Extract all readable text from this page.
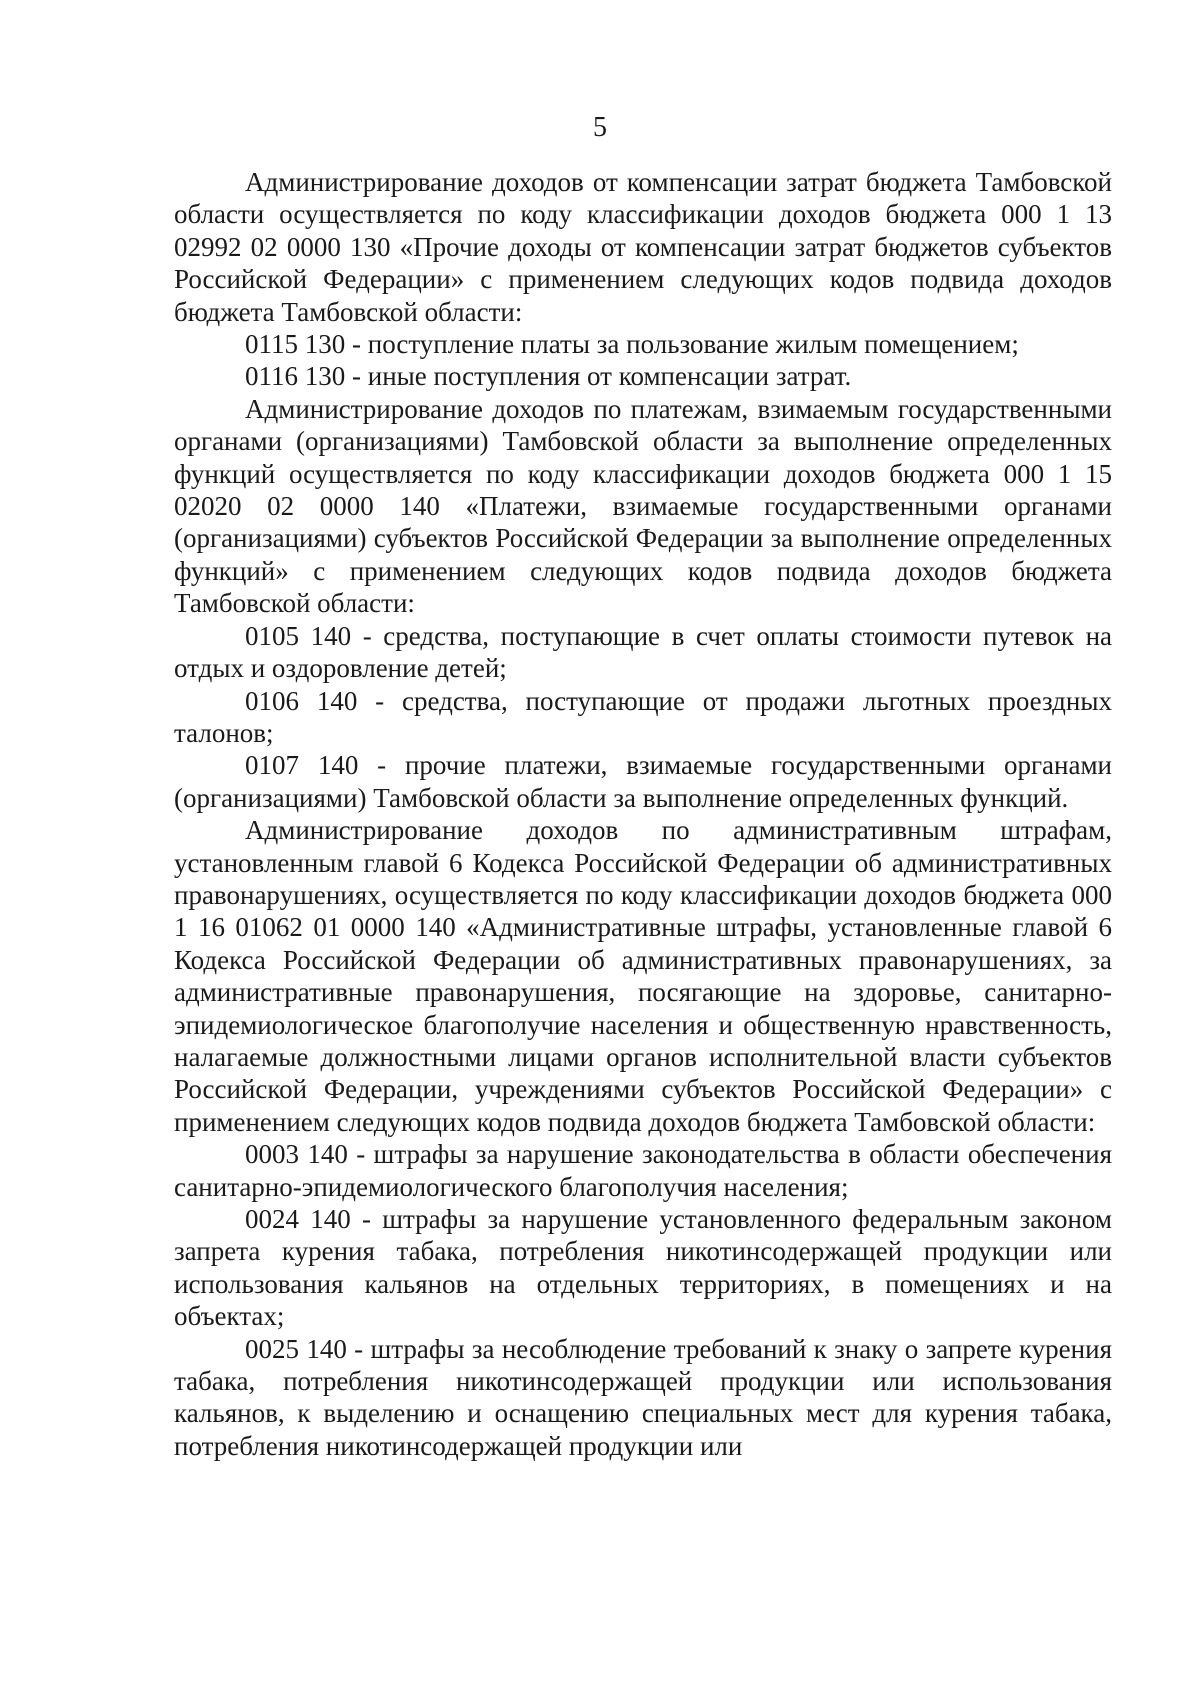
5

Администрирование доходов от компенсации затрат бюджета Тамбовской области осуществляется по коду классификации доходов бюджета 000 1 13 02992 02 0000 130 «Прочие доходы от компенсации затрат бюджетов субъектов Российской Федерации» с применением следующих кодов подвида доходов бюджета Тамбовской области:

0115 130 - поступление платы за пользование жилым помещением;

0116 130 - иные поступления от компенсации затрат.

Администрирование доходов по платежам, взимаемым государственными органами (организациями) Тамбовской области за выполнение определенных функций осуществляется по коду классификации доходов бюджета 000 1 15 02020 02 0000 140 «Платежи, взимаемые государственными органами (организациями) субъектов Российской Федерации за выполнение определенных функций» с применением следующих кодов подвида доходов бюджета Тамбовской области:

0105 140 - средства, поступающие в счет оплаты стоимости путевок на отдых и оздоровление детей;

0106 140 - средства, поступающие от продажи льготных проездных талонов;

0107 140 - прочие платежи, взимаемые государственными органами (организациями) Тамбовской области за выполнение определенных функций.

Администрирование доходов по административным штрафам, установленным главой 6 Кодекса Российской Федерации об административных правонарушениях, осуществляется по коду классификации доходов бюджета 000 1 16 01062 01 0000 140 «Административные штрафы, установленные главой 6 Кодекса Российской Федерации об административных правонарушениях, за административные правонарушения, посягающие на здоровье, санитарно-эпидемиологическое благополучие населения и общественную нравственность, налагаемые должностными лицами органов исполнительной власти субъектов Российской Федерации, учреждениями субъектов Российской Федерации» с применением следующих кодов подвида доходов бюджета Тамбовской области:

0003 140 - штрафы за нарушение законодательства в области обеспечения санитарно-эпидемиологического благополучия населения;

0024 140 - штрафы за нарушение установленного федеральным законом запрета курения табака, потребления никотинсодержащей продукции или использования кальянов на отдельных территориях, в помещениях и на объектах;

0025 140 - штрафы за несоблюдение требований к знаку о запрете курения табака, потребления никотинсодержащей продукции или использования кальянов, к выделению и оснащению специальных мест для курения табака, потребления никотинсодержащей продукции или
